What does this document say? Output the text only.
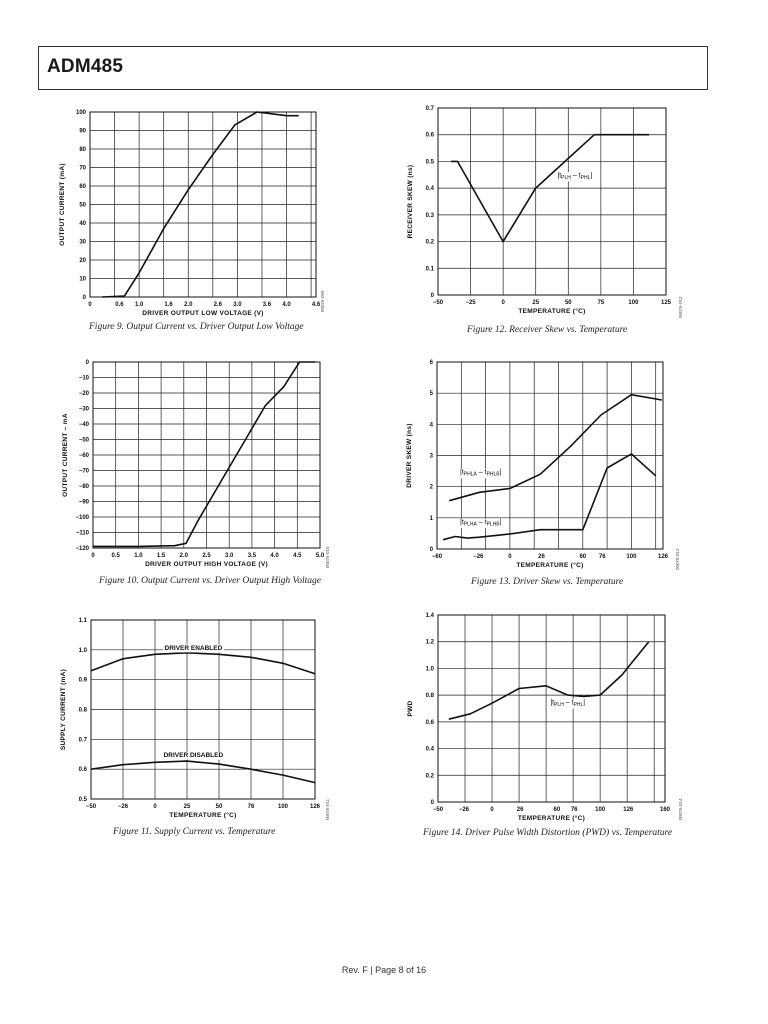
ADM485
0	0.6 1.0	1.6 2.0	2.6 3.0	3.6 4.0	4.6
0
10
20
30
40
50
60
70
80
90
100
DRIVER OUTPUT LOW VOLTAGE (V)
OUTPUT CURRENT (mA)
Figure 9. Output Current vs. Driver Output Low Voltage
00076-009	−50	−25	0	25	50	75	100	125
0
0.1
0.2
0.3
0.4
0.5
0.6
0.7
TEMPERATURE (°C)
RECEIVER SKEW (ns)	$|t_{PLH} - t_{PHL}|$
Figure 12. Receiver Skew vs. Temperature
00076-012
0	0.5 1.0 1.5 2.0 2.5 3.0 3.5 4.0 4.5 5.0
0
−10
−20
−30
−40
−50
−60
−70
−80
−90
−100
−110
−120
DRIVER OUTPUT HIGH VOLTAGE (V)
OUTPUT CURRENT – mA
Figure 10. Output Current vs. Driver Output High Voltage
00076-010	−60	−26	0	26	60 76	100	126
0
1
2
3
4
5
6
TEMPERATURE (°C)
DRIVER SKEW (ns)	$|t_{PHLA} - t_{PHLB}|$
$|t_{PLHA} - t_{PLHB}|$
Figure 13. Driver Skew vs. Temperature
00076-013
−50	−26	0	25	50	76	100	126
0.5
0.6
0.7
0.8
0.9
1.0
1.1
TEMPERATURE (°C)
SUPPLY CURRENT (mA)
DRIVER ENABLED
DRIVER DISABLED
Figure 11. Supply Current vs. Temperature
00076-011	−50	−26	0	26	60 76	100	126	160
0
0.2
0.4
0.6
0.8
1.0
1.2
1.4
TEMPERATURE (°C)
PWD	$|t_{PLH} - t_{PHL}|$
Figure 14. Driver Pulse Width Distortion (PWD) vs. Temperature
00076-014
Rev. F | Page 8 of 16
